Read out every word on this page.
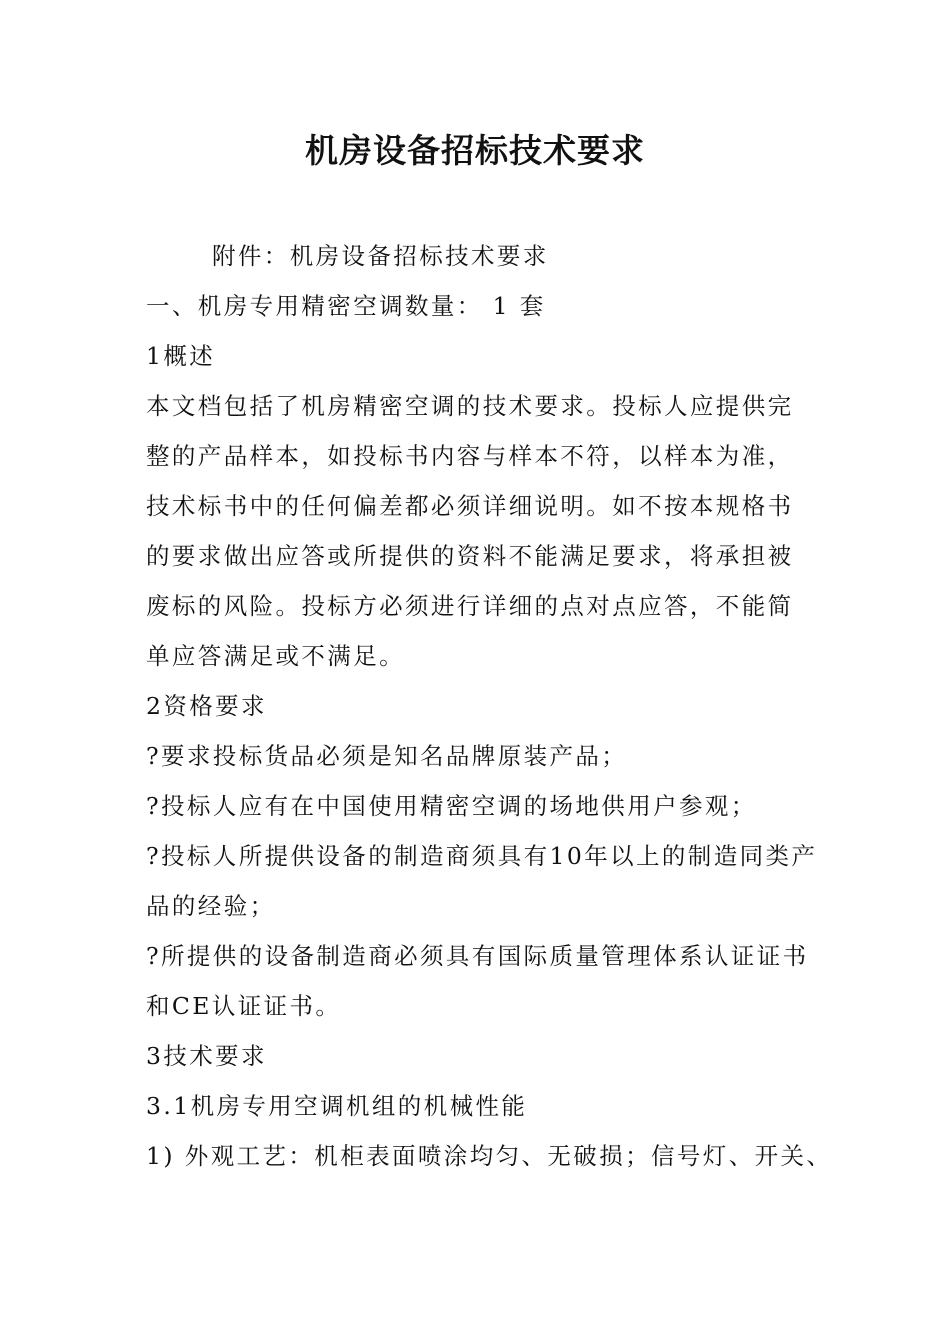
机房设备招标技术要求
附件：机房设备招标技术要求
一、机房专用精密空调数量： 1 套
1概述
本文档包括了机房精密空调的技术要求。投标人应提供完
整的产品样本，如投标书内容与样本不符，以样本为准，
技术标书中的任何偏差都必须详细说明。如不按本规格书
的要求做出应答或所提供的资料不能满足要求，将承担被
废标的风险。投标方必须进行详细的点对点应答，不能简
单应答满足或不满足。
2资格要求
?要求投标货品必须是知名品牌原装产品；
?投标人应有在中国使用精密空调的场地供用户参观；
?投标人所提供设备的制造商须具有10年以上的制造同类产
品的经验；
?所提供的设备制造商必须具有国际质量管理体系认证证书
和CE认证证书。
3技术要求
3.1机房专用空调机组的机械性能
1) 外观工艺：机柜表面喷涂均匀、无破损；信号灯、开关、
